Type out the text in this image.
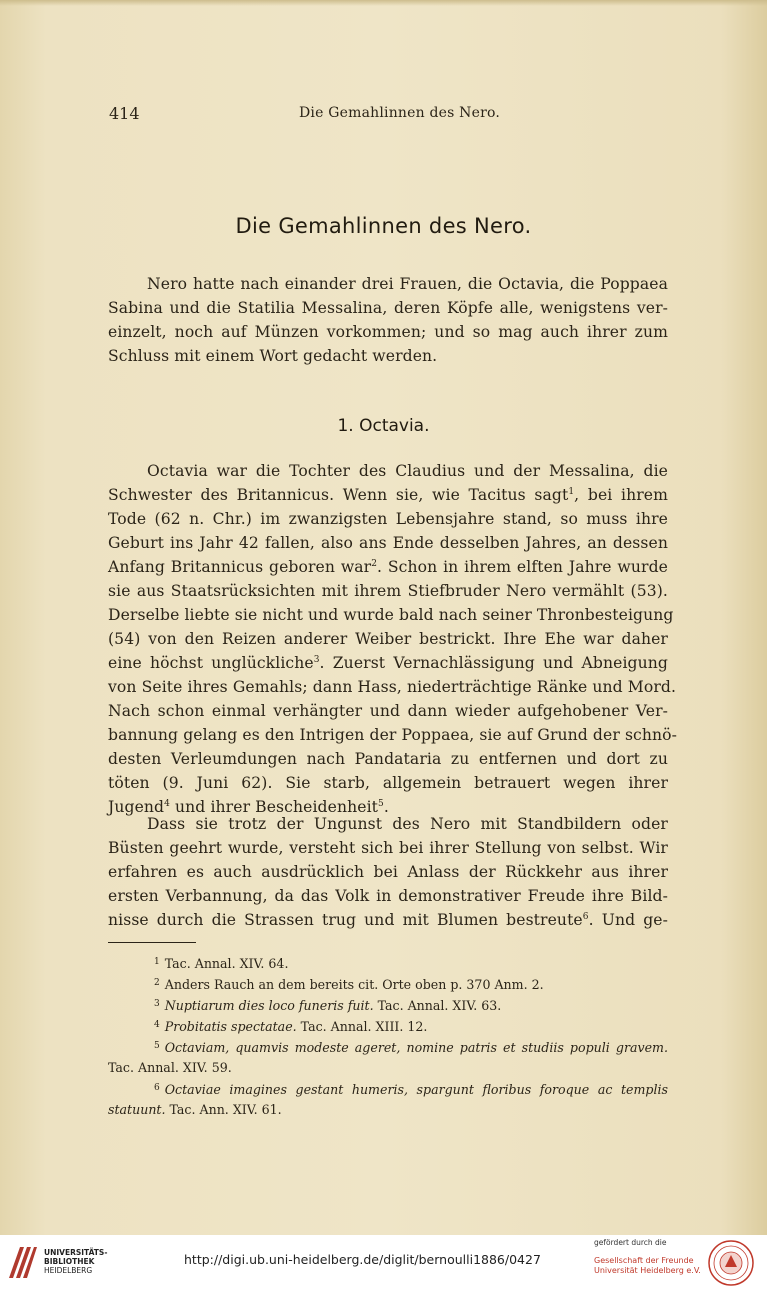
414	Die Gemahlinnen des Nero.
Die Gemahlinnen des Nero.
Nero hatte nach einander drei Frauen, die Octavia, die Poppaea
Sabina und die Statilia Messalina, deren Köpfe alle, wenigstens ver-
einzelt, noch auf Münzen vorkommen; und so mag auch ihrer zum
Schluss mit einem Wort gedacht werden.
1. Octavia.
Octavia war die Tochter des Claudius und der Messalina, die
Schwester des Britannicus. Wenn sie, wie Tacitus sagt$^1$, bei ihrem
Tode (62 n. Chr.) im zwanzigsten Lebensjahre stand, so muss ihre
Geburt ins Jahr 42 fallen, also ans Ende desselben Jahres, an dessen
Anfang Britannicus geboren war$^2$. Schon in ihrem elften Jahre wurde
sie aus Staatsrücksichten mit ihrem Stiefbruder Nero vermählt (53).
Derselbe liebte sie nicht und wurde bald nach seiner Thronbesteigung
(54) von den Reizen anderer Weiber bestrickt. Ihre Ehe war daher
eine höchst unglückliche$^3$. Zuerst Vernachlässigung und Abneigung
von Seite ihres Gemahls; dann Hass, niederträchtige Ränke und Mord.
Nach schon einmal verhängter und dann wieder aufgehobener Ver-
bannung gelang es den Intrigen der Poppaea, sie auf Grund der schnö-
desten Verleumdungen nach Pandataria zu entfernen und dort zu
töten (9. Juni 62). Sie starb, allgemein betrauert wegen ihrer
Jugend$^4$ und ihrer Bescheidenheit$^5$.
Dass sie trotz der Ungunst des Nero mit Standbildern oder
Büsten geehrt wurde, versteht sich bei ihrer Stellung von selbst. Wir
erfahren es auch ausdrücklich bei Anlass der Rückkehr aus ihrer
ersten Verbannung, da das Volk in demonstrativer Freude ihre Bild-
nisse durch die Strassen trug und mit Blumen bestreute$^6$. Und ge-
$^1$ Tac. Annal. XIV. 64.
$^2$ Anders Rauch an dem bereits cit. Orte oben p. 370 Anm. 2.
$^3$ Nuptiarum dies loco funeris fuit. Tac. Annal. XIV. 63.
$^4$ Probitatis spectatae. Tac. Annal. XIII. 12.
$^5$ Octaviam, quamvis modeste ageret, nomine patris et studiis populi gravem.
Tac. Annal. XIV. 59.
$^6$ Octaviae imagines gestant humeris, spargunt floribus foroque ac templis
statuunt. Tac. Ann. XIV. 61.
UNIVERSITÄTS-
BIBLIOTHEK
HEIDELBERG
http://digi.ub.uni-heidelberg.de/diglit/bernoulli1886/0427
gefördert durch die
Gesellschaft der Freunde
Universität Heidelberg e.V.
